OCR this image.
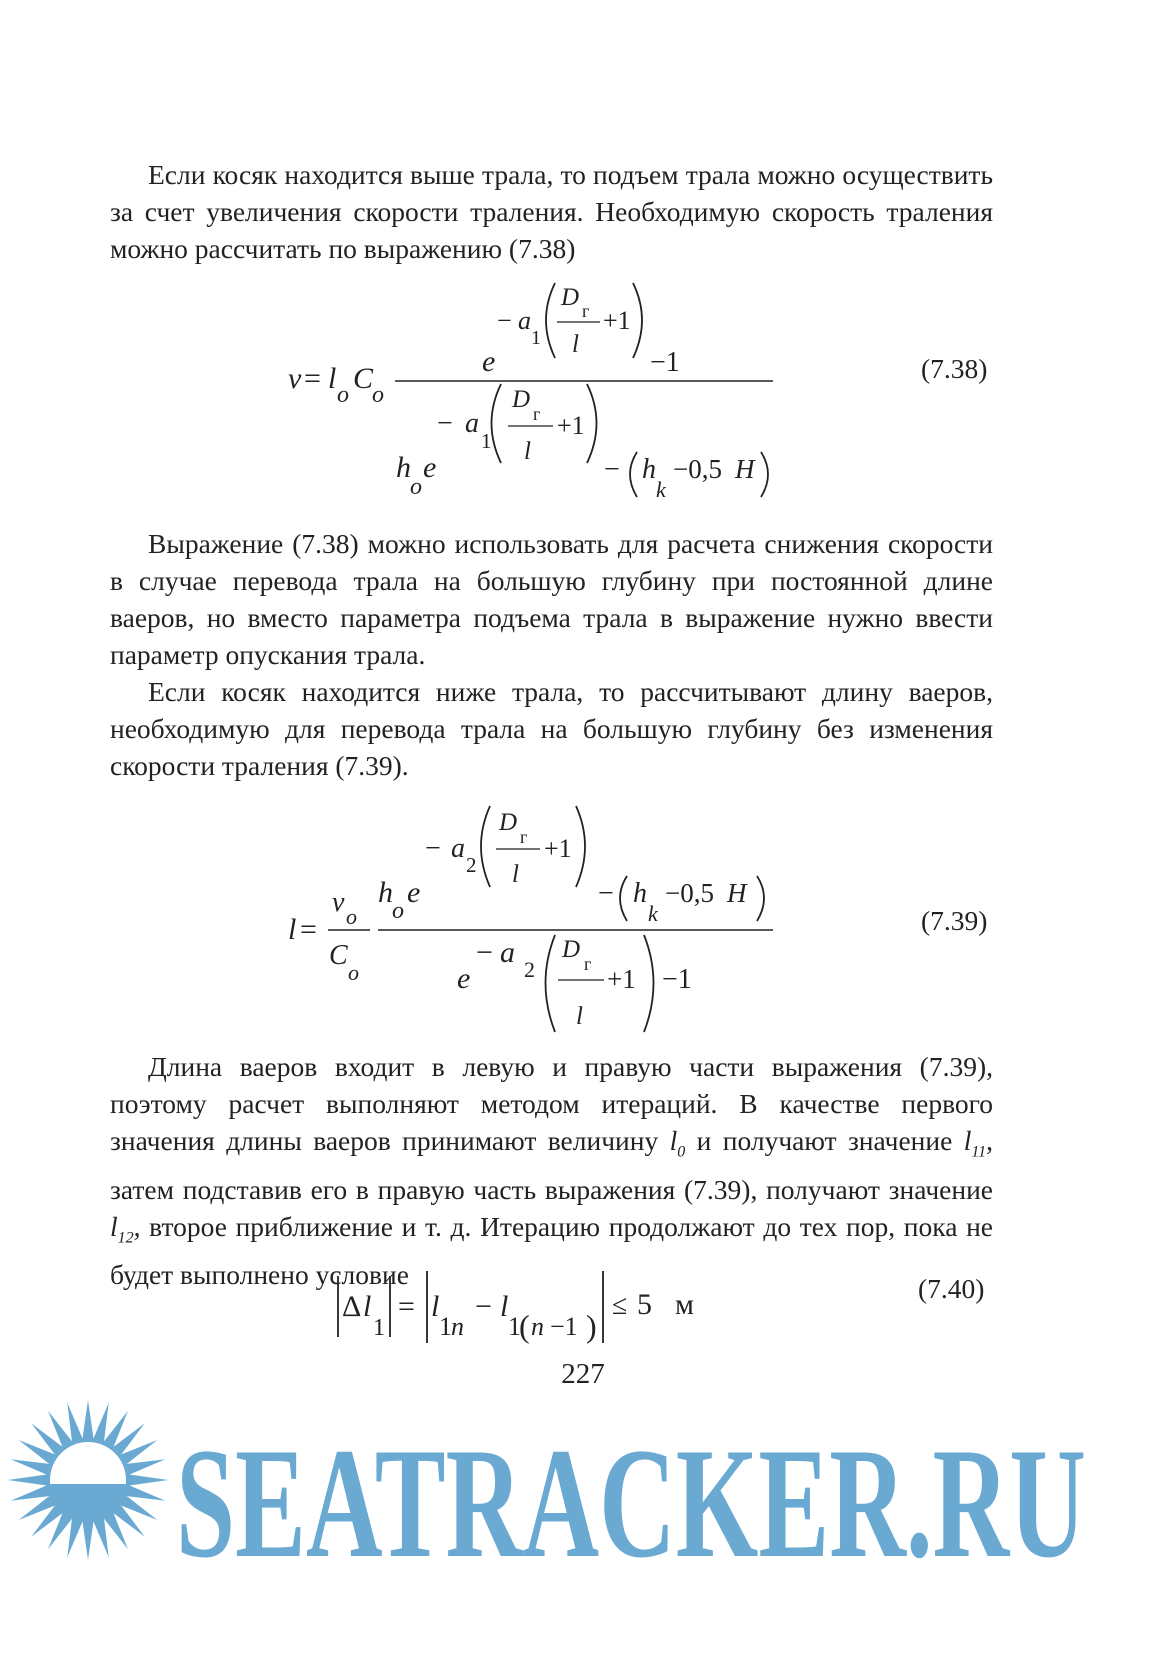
Если косяк находится выше трала, то подъем трала можно осуществить за счет увеличения скорости траления. Необходимую скорость траления можно рассчитать по выражению (7.38)

v = l o C
o
− a
1
D г
l
+1
e	−1
− a
1
D
г
l
+1
h
o
e	− h
k
−0,5 H
(7.38)

Выражение (7.38) можно использовать для расчета снижения скорости в случае перевода трала на большую глубину при постоянной длине ваеров, но вместо параметра подъема трала в выражение нужно ввести параметр опускания трала.

Если косяк находится ниже трала, то рассчитывают длину ваеров, необходимую для перевода трала на большую глубину без изменения скорости траления (7.39).

l =
v o
C
o
− a
2
D
г
l
+1
h
o
e	− h
k
−0,5 H
− a
2
D
г
l
+1
e	−1
(7.39)

Длина ваеров входит в левую и правую части выражения (7.39), поэтому расчет выполняют методом итераций. В качестве первого значения длины ваеров принимают величину $l_0$ и получают значение $l_{11}$, затем подставив его в правую часть выражения (7.39), получают значение $l_{12}$, второе приближение и т. д. Итерацию продолжают до тех пор, пока не будет выполнено условие

Δ l
1
= l
1 n
− l
1
( n −1 )
≤ 5 м	(7.40)
227
SEATRACKER.RU
